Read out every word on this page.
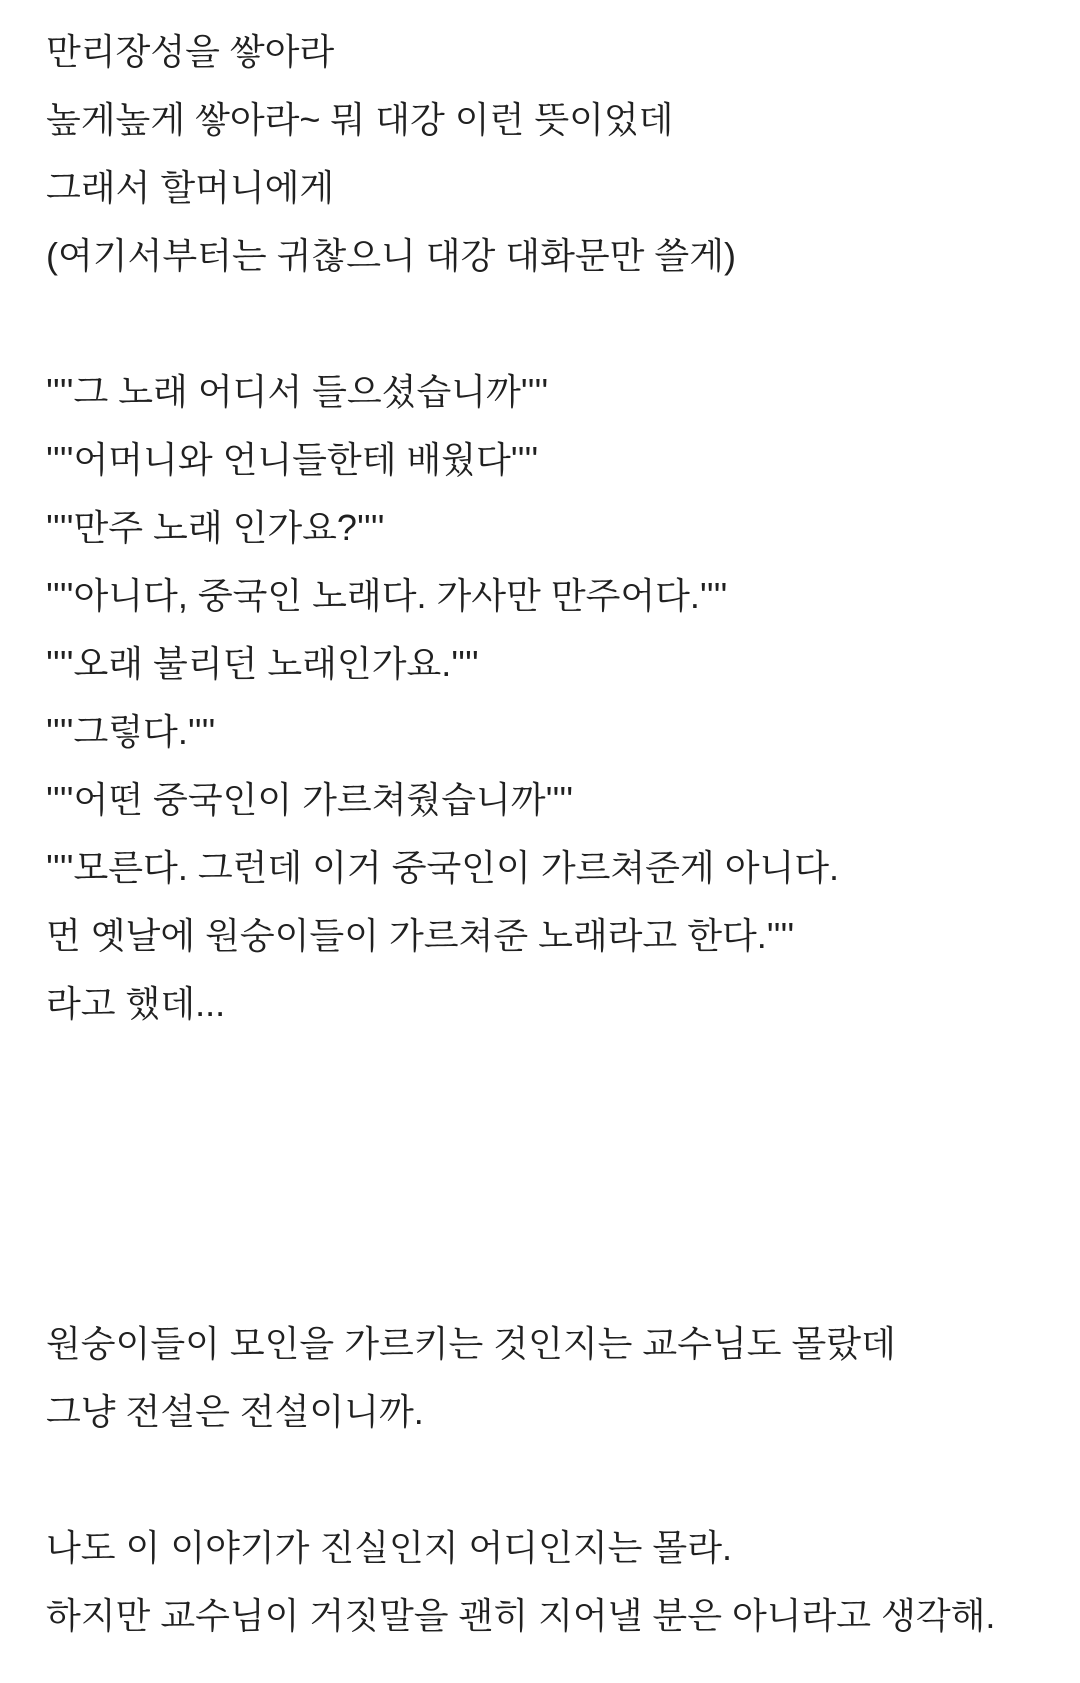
만리장성을 쌓아라
높게높게 쌓아라~ 뭐 대강 이런 뜻이었데
그래서 할머니에게
(여기서부터는 귀찮으니 대강 대화문만 쓸게)
''''그 노래 어디서 들으셨습니까''''
''''어머니와 언니들한테 배웠다''''
''''만주 노래 인가요?''''
''''아니다, 중국인 노래다. 가사만 만주어다.''''
''''오래 불리던 노래인가요.''''
''''그렇다.''''
''''어떤 중국인이 가르쳐줬습니까''''
''''모른다. 그런데 이거 중국인이 가르쳐준게 아니다.
먼 옛날에 원숭이들이 가르쳐준 노래라고 한다.''''
라고 했데...
원숭이들이 모인을 가르키는 것인지는 교수님도 몰랐데
그냥 전설은 전설이니까.
나도 이 이야기가 진실인지 어디인지는 몰라.
하지만 교수님이 거짓말을 괜히 지어낼 분은 아니라고 생각해.
